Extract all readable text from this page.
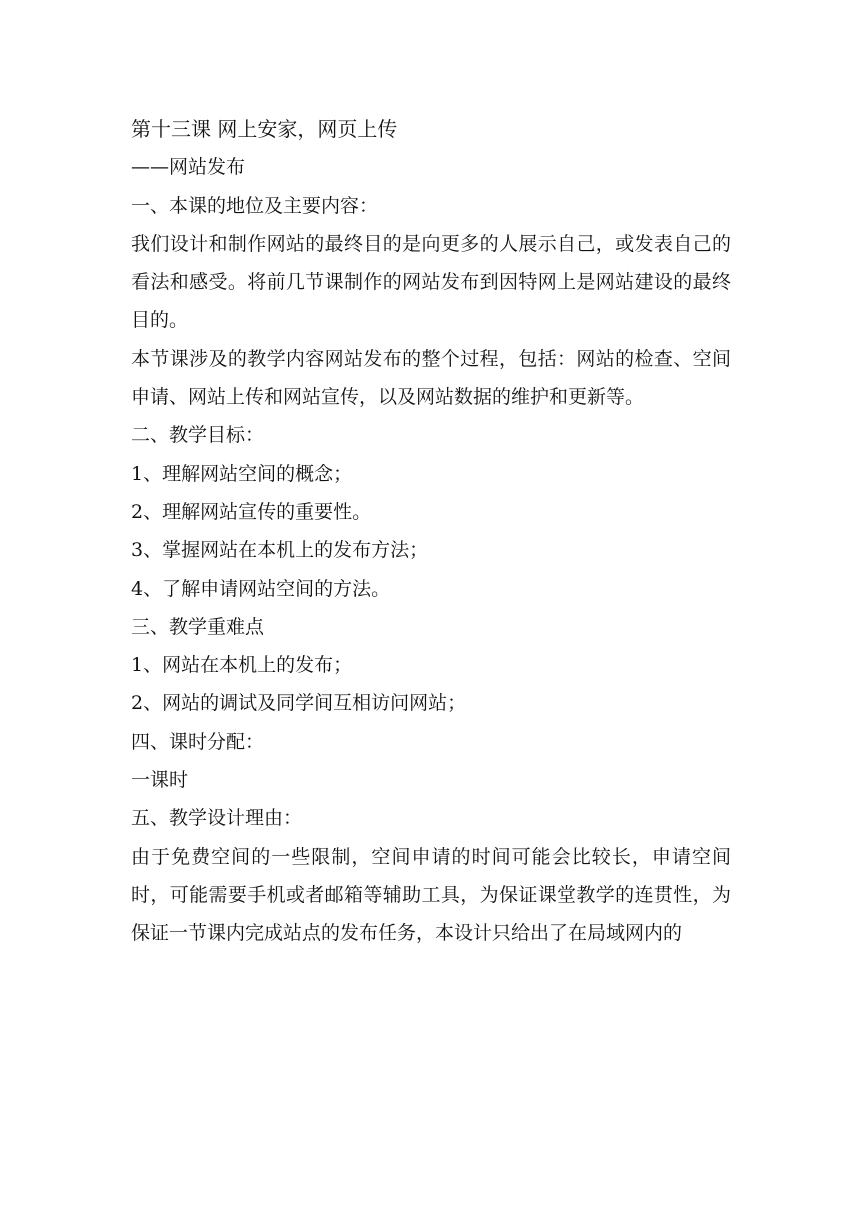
第十三课 网上安家，网页上传
——网站发布
一、本课的地位及主要内容：
我们设计和制作网站的最终目的是向更多的人展示自己，或发表自己的看法和感受。将前几节课制作的网站发布到因特网上是网站建设的最终目的。
本节课涉及的教学内容网站发布的整个过程，包括：网站的检查、空间申请、网站上传和网站宣传，以及网站数据的维护和更新等。
二、教学目标：
1、理解网站空间的概念；
2、理解网站宣传的重要性。
3、掌握网站在本机上的发布方法；
4、了解申请网站空间的方法。
三、教学重难点
1、网站在本机上的发布；
2、网站的调试及同学间互相访问网站；
四、课时分配：
一课时
五、教学设计理由：
由于免费空间的一些限制，空间申请的时间可能会比较长，申请空间时，可能需要手机或者邮箱等辅助工具，为保证课堂教学的连贯性，为保证一节课内完成站点的发布任务，本设计只给出了在局域网内的
